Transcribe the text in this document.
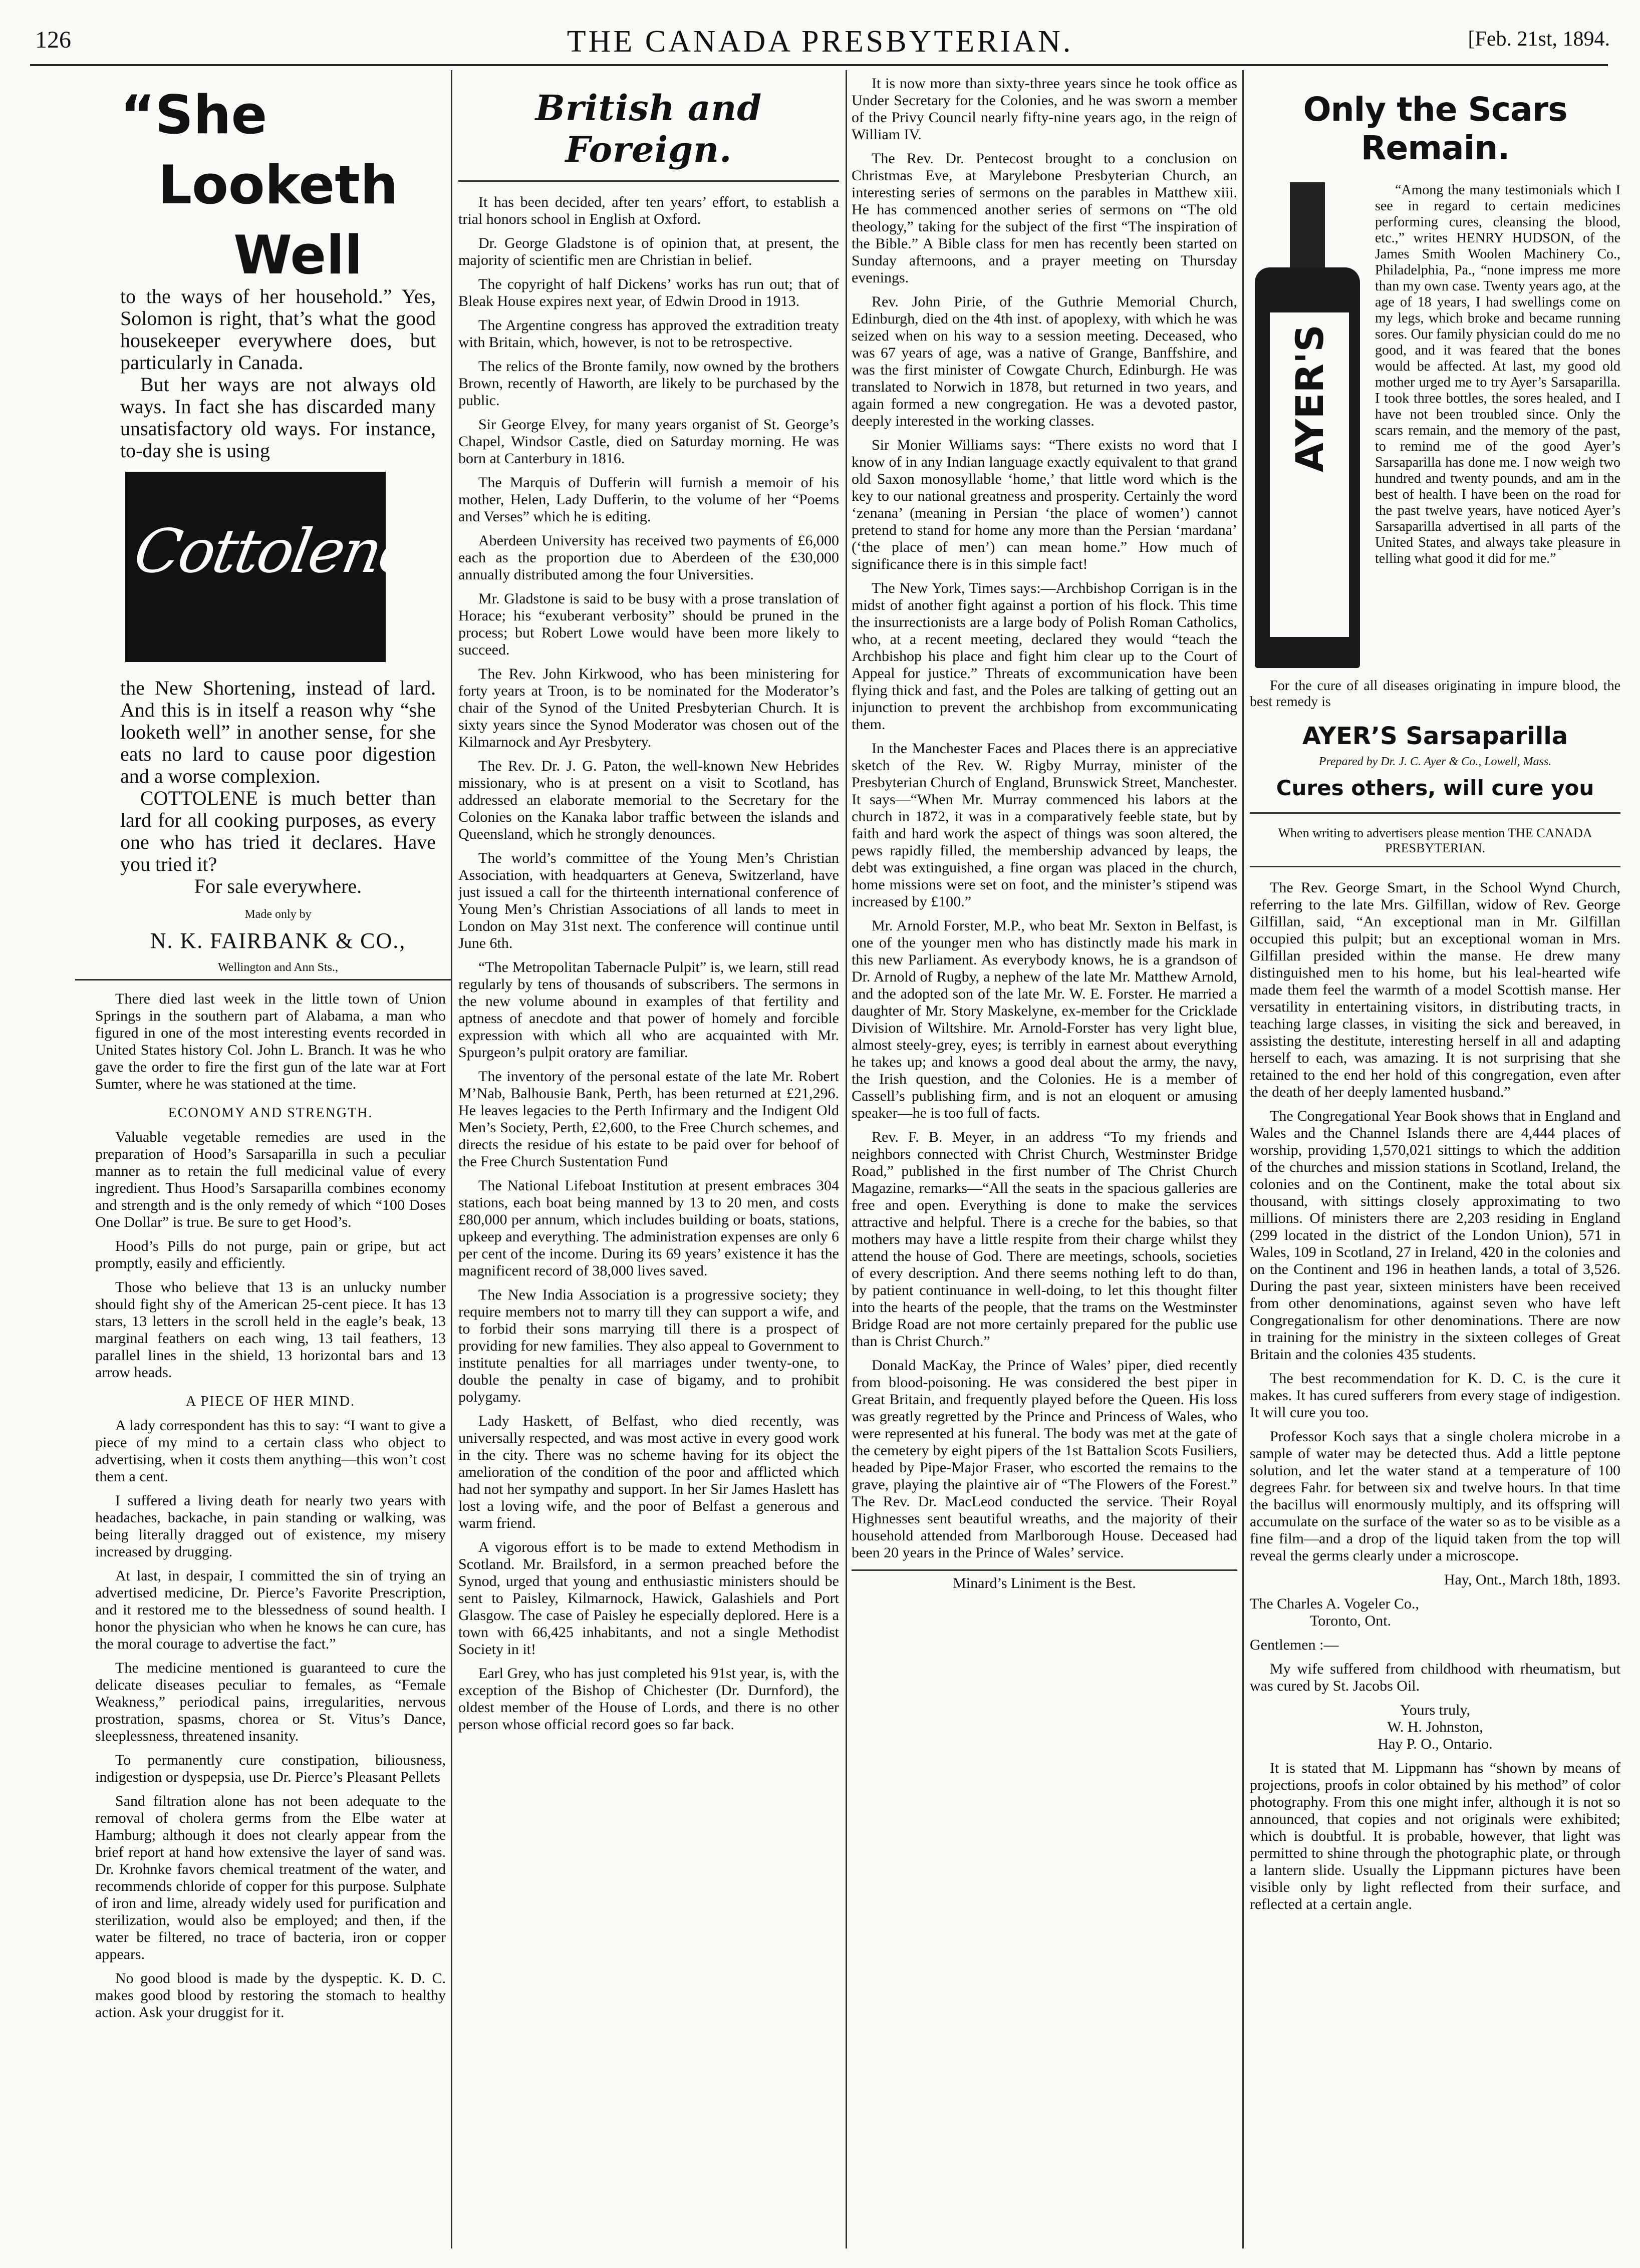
126	THE CANADA PRESBYTERIAN.	[Feb. 21st, 1894.
“She
Looketh
Well

to the ways of her household.” Yes, Solomon is right, that’s what the good housekeeper everywhere does, but particularly in Canada.

But her ways are not always old ways. In fact she has discarded many unsatisfactory old ways. For instance, to-day she is using

Cottolene

the New Shortening, instead of lard. And this is in itself a reason why “she looketh well” in another sense, for she eats no lard to cause poor digestion and a worse complexion.

COTTOLENE is much better than lard for all cooking purposes, as every one who has tried it declares. Have you tried it?

For sale everywhere.

Made only by

N. K. FAIRBANK & CO.,

Wellington and Ann Sts.,

There died last week in the little town of Union Springs in the southern part of Alabama, a man who figured in one of the most interesting events recorded in United States history Col. John L. Branch. It was he who gave the order to fire the first gun of the late war at Fort Sumter, where he was stationed at the time.

ECONOMY AND STRENGTH.

Valuable vegetable remedies are used in the preparation of Hood’s Sarsaparilla in such a peculiar manner as to retain the full medicinal value of every ingredient. Thus Hood’s Sarsaparilla combines economy and strength and is the only remedy of which “100 Doses One Dollar” is true. Be sure to get Hood’s.

Hood’s Pills do not purge, pain or gripe, but act promptly, easily and efficiently.

Those who believe that 13 is an unlucky number should fight shy of the American 25-cent piece. It has 13 stars, 13 letters in the scroll held in the eagle’s beak, 13 marginal feathers on each wing, 13 tail feathers, 13 parallel lines in the shield, 13 horizontal bars and 13 arrow heads.

A PIECE OF HER MIND.

A lady correspondent has this to say: “I want to give a piece of my mind to a certain class who object to advertising, when it costs them anything—this won’t cost them a cent.

I suffered a living death for nearly two years with headaches, backache, in pain standing or walking, was being literally dragged out of existence, my misery increased by drugging.

At last, in despair, I committed the sin of trying an advertised medicine, Dr. Pierce’s Favorite Prescription, and it restored me to the blessedness of sound health. I honor the physician who when he knows he can cure, has the moral courage to advertise the fact.”

The medicine mentioned is guaranteed to cure the delicate diseases peculiar to females, as “Female Weakness,” periodical pains, irregularities, nervous prostration, spasms, chorea or St. Vitus’s Dance, sleeplessness, threatened insanity.

To permanently cure constipation, biliousness, indigestion or dyspepsia, use Dr. Pierce’s Pleasant Pellets

Sand filtration alone has not been adequate to the removal of cholera germs from the Elbe water at Hamburg; although it does not clearly appear from the brief report at hand how extensive the layer of sand was. Dr. Krohnke favors chemical treatment of the water, and recommends chloride of copper for this purpose. Sulphate of iron and lime, already widely used for purification and sterilization, would also be employed; and then, if the water be filtered, no trace of bacteria, iron or copper appears.

No good blood is made by the dyspeptic. K. D. C. makes good blood by restoring the stomach to healthy action. Ask your druggist for it.

British and Foreign.

It has been decided, after ten years’ effort, to establish a trial honors school in English at Oxford.

Dr. George Gladstone is of opinion that, at present, the majority of scientific men are Christian in belief.

The copyright of half Dickens’ works has run out; that of Bleak House expires next year, of Edwin Drood in 1913.

The Argentine congress has approved the extradition treaty with Britain, which, however, is not to be retrospective.

The relics of the Bronte family, now owned by the brothers Brown, recently of Haworth, are likely to be purchased by the public.

Sir George Elvey, for many years organist of St. George’s Chapel, Windsor Castle, died on Saturday morning. He was born at Canterbury in 1816.

The Marquis of Dufferin will furnish a memoir of his mother, Helen, Lady Dufferin, to the volume of her “Poems and Verses” which he is editing.

Aberdeen University has received two payments of £6,000 each as the proportion due to Aberdeen of the £30,000 annually distributed among the four Universities.

Mr. Gladstone is said to be busy with a prose translation of Horace; his “exuberant verbosity” should be pruned in the process; but Robert Lowe would have been more likely to succeed.

The Rev. John Kirkwood, who has been ministering for forty years at Troon, is to be nominated for the Moderator’s chair of the Synod of the United Presbyterian Church. It is sixty years since the Synod Moderator was chosen out of the Kilmarnock and Ayr Presbytery.

The Rev. Dr. J. G. Paton, the well-known New Hebrides missionary, who is at present on a visit to Scotland, has addressed an elaborate memorial to the Secretary for the Colonies on the Kanaka labor traffic between the islands and Queensland, which he strongly denounces.

The world’s committee of the Young Men’s Christian Association, with headquarters at Geneva, Switzerland, have just issued a call for the thirteenth international conference of Young Men’s Christian Associations of all lands to meet in London on May 31st next. The conference will continue until June 6th.

“The Metropolitan Tabernacle Pulpit” is, we learn, still read regularly by tens of thousands of subscribers. The sermons in the new volume abound in examples of that fertility and aptness of anecdote and that power of homely and forcible expression with which all who are acquainted with Mr. Spurgeon’s pulpit oratory are familiar.

The inventory of the personal estate of the late Mr. Robert M’Nab, Balhousie Bank, Perth, has been returned at £21,296. He leaves legacies to the Perth Infirmary and the Indigent Old Men’s Society, Perth, £2,600, to the Free Church schemes, and directs the residue of his estate to be paid over for behoof of the Free Church Sustentation Fund

The National Lifeboat Institution at present embraces 304 stations, each boat being manned by 13 to 20 men, and costs £80,000 per annum, which includes building or boats, stations, upkeep and everything. The administration expenses are only 6 per cent of the income. During its 69 years’ existence it has the magnificent record of 38,000 lives saved.

The New India Association is a progressive society; they require members not to marry till they can support a wife, and to forbid their sons marrying till there is a prospect of providing for new families. They also appeal to Government to institute penalties for all marriages under twenty-one, to double the penalty in case of bigamy, and to prohibit polygamy.

Lady Haskett, of Belfast, who died recently, was universally respected, and was most active in every good work in the city. There was no scheme having for its object the amelioration of the condition of the poor and afflicted which had not her sympathy and support. In her Sir James Haslett has lost a loving wife, and the poor of Belfast a generous and warm friend.

A vigorous effort is to be made to extend Methodism in Scotland. Mr. Brailsford, in a sermon preached before the Synod, urged that young and enthusiastic ministers should be sent to Paisley, Kilmarnock, Hawick, Galashiels and Port Glasgow. The case of Paisley he especially deplored. Here is a town with 66,425 inhabitants, and not a single Methodist Society in it!

Earl Grey, who has just completed his 91st year, is, with the exception of the Bishop of Chichester (Dr. Durnford), the oldest member of the House of Lords, and there is no other person whose official record goes so far back.

It is now more than sixty-three years since he took office as Under Secretary for the Colonies, and he was sworn a member of the Privy Council nearly fifty-nine years ago, in the reign of William IV.

The Rev. Dr. Pentecost brought to a conclusion on Christmas Eve, at Marylebone Presbyterian Church, an interesting series of sermons on the parables in Matthew xiii. He has commenced another series of sermons on “The old theology,” taking for the subject of the first “The inspiration of the Bible.” A Bible class for men has recently been started on Sunday afternoons, and a prayer meeting on Thursday evenings.

Rev. John Pirie, of the Guthrie Memorial Church, Edinburgh, died on the 4th inst. of apoplexy, with which he was seized when on his way to a session meeting. Deceased, who was 67 years of age, was a native of Grange, Banffshire, and was the first minister of Cowgate Church, Edinburgh. He was translated to Norwich in 1878, but returned in two years, and again formed a new congregation. He was a devoted pastor, deeply interested in the working classes.

Sir Monier Williams says: “There exists no word that I know of in any Indian language exactly equivalent to that grand old Saxon monosyllable ‘home,’ that little word which is the key to our national greatness and prosperity. Certainly the word ‘zenana’ (meaning in Persian ‘the place of women’) cannot pretend to stand for home any more than the Persian ‘mardana’ (‘the place of men’) can mean home.” How much of significance there is in this simple fact!

The New York, Times says:—Archbishop Corrigan is in the midst of another fight against a portion of his flock. This time the insurrectionists are a large body of Polish Roman Catholics, who, at a recent meeting, declared they would “teach the Archbishop his place and fight him clear up to the Court of Appeal for justice.” Threats of excommunication have been flying thick and fast, and the Poles are talking of getting out an injunction to prevent the archbishop from excommunicating them.

In the Manchester Faces and Places there is an appreciative sketch of the Rev. W. Rigby Murray, minister of the Presbyterian Church of England, Brunswick Street, Manchester. It says—“When Mr. Murray commenced his labors at the church in 1872, it was in a comparatively feeble state, but by faith and hard work the aspect of things was soon altered, the pews rapidly filled, the membership advanced by leaps, the debt was extinguished, a fine organ was placed in the church, home missions were set on foot, and the minister’s stipend was increased by £100.”

Mr. Arnold Forster, M.P., who beat Mr. Sexton in Belfast, is one of the younger men who has distinctly made his mark in this new Parliament. As everybody knows, he is a grandson of Dr. Arnold of Rugby, a nephew of the late Mr. Matthew Arnold, and the adopted son of the late Mr. W. E. Forster. He married a daughter of Mr. Story Maskelyne, ex-member for the Cricklade Division of Wiltshire. Mr. Arnold-Forster has very light blue, almost steely-grey, eyes; is terribly in earnest about everything he takes up; and knows a good deal about the army, the navy, the Irish question, and the Colonies. He is a member of Cassell’s publishing firm, and is not an eloquent or amusing speaker—he is too full of facts.

Rev. F. B. Meyer, in an address “To my friends and neighbors connected with Christ Church, Westminster Bridge Road,” published in the first number of The Christ Church Magazine, remarks—“All the seats in the spacious galleries are free and open. Everything is done to make the services attractive and helpful. There is a creche for the babies, so that mothers may have a little respite from their charge whilst they attend the house of God. There are meetings, schools, societies of every description. And there seems nothing left to do than, by patient continuance in well-doing, to let this thought filter into the hearts of the people, that the trams on the Westminster Bridge Road are not more certainly prepared for the public use than is Christ Church.”

Donald MacKay, the Prince of Wales’ piper, died recently from blood-poisoning. He was considered the best piper in Great Britain, and frequently played before the Queen. His loss was greatly regretted by the Prince and Princess of Wales, who were represented at his funeral. The body was met at the gate of the cemetery by eight pipers of the 1st Battalion Scots Fusiliers, headed by Pipe-Major Fraser, who escorted the remains to the grave, playing the plaintive air of “The Flowers of the Forest.” The Rev. Dr. MacLeod conducted the service. Their Royal Highnesses sent beautiful wreaths, and the majority of their household attended from Marlborough House. Deceased had been 20 years in the Prince of Wales’ service.

Minard’s Liniment is the Best.

Only the Scars Remain.
AYER'S

“Among the many testimonials which I see in regard to certain medicines performing cures, cleansing the blood, etc.,” writes HENRY HUDSON, of the James Smith Woolen Machinery Co., Philadelphia, Pa., “none impress me more than my own case. Twenty years ago, at the age of 18 years, I had swellings come on my legs, which broke and became running sores. Our family physician could do me no good, and it was feared that the bones would be affected. At last, my good old mother urged me to try Ayer’s Sarsaparilla. I took three bottles, the sores healed, and I have not been troubled since. Only the scars remain, and the memory of the past, to remind me of the good Ayer’s Sarsaparilla has done me. I now weigh two hundred and twenty pounds, and am in the best of health. I have been on the road for the past twelve years, have noticed Ayer’s Sarsaparilla advertised in all parts of the United States, and always take pleasure in telling what good it did for me.”

For the cure of all diseases originating in impure blood, the best remedy is

AYER’S Sarsaparilla
Prepared by Dr. J. C. Ayer & Co., Lowell, Mass.
Cures others, will cure you

When writing to advertisers please mention THE CANADA PRESBYTERIAN.

The Rev. George Smart, in the School Wynd Church, referring to the late Mrs. Gilfillan, widow of Rev. George Gilfillan, said, “An exceptional man in Mr. Gilfillan occupied this pulpit; but an exceptional woman in Mrs. Gilfillan presided within the manse. He drew many distinguished men to his home, but his leal-hearted wife made them feel the warmth of a model Scottish manse. Her versatility in entertaining visitors, in distributing tracts, in teaching large classes, in visiting the sick and bereaved, in assisting the destitute, interesting herself in all and adapting herself to each, was amazing. It is not surprising that she retained to the end her hold of this congregation, even after the death of her deeply lamented husband.”

The Congregational Year Book shows that in England and Wales and the Channel Islands there are 4,444 places of worship, providing 1,570,021 sittings to which the addition of the churches and mission stations in Scotland, Ireland, the colonies and on the Continent, make the total about six thousand, with sittings closely approximating to two millions. Of ministers there are 2,203 residing in England (299 located in the district of the London Union), 571 in Wales, 109 in Scotland, 27 in Ireland, 420 in the colonies and on the Continent and 196 in heathen lands, a total of 3,526. During the past year, sixteen ministers have been received from other denominations, against seven who have left Congregationalism for other denominations. There are now in training for the ministry in the sixteen colleges of Great Britain and the colonies 435 students.

The best recommendation for K. D. C. is the cure it makes. It has cured sufferers from every stage of indigestion. It will cure you too.

Professor Koch says that a single cholera microbe in a sample of water may be detected thus. Add a little peptone solution, and let the water stand at a temperature of 100 degrees Fahr. for between six and twelve hours. In that time the bacillus will enormously multiply, and its offspring will accumulate on the surface of the water so as to be visible as a fine film—and a drop of the liquid taken from the top will reveal the germs clearly under a microscope.

Hay, Ont., March 18th, 1893.

The Charles A. Vogeler Co.,

Toronto, Ont.

Gentlemen :—

My wife suffered from childhood with rheumatism, but was cured by St. Jacobs Oil.

Yours truly,

W. H. Johnston,

Hay P. O., Ontario.

It is stated that M. Lippmann has “shown by means of projections, proofs in color obtained by his method” of color photography. From this one might infer, although it is not so announced, that copies and not originals were exhibited; which is doubtful. It is probable, however, that light was permitted to shine through the photographic plate, or through a lantern slide. Usually the Lippmann pictures have been visible only by light reflected from their surface, and reflected at a certain angle.
